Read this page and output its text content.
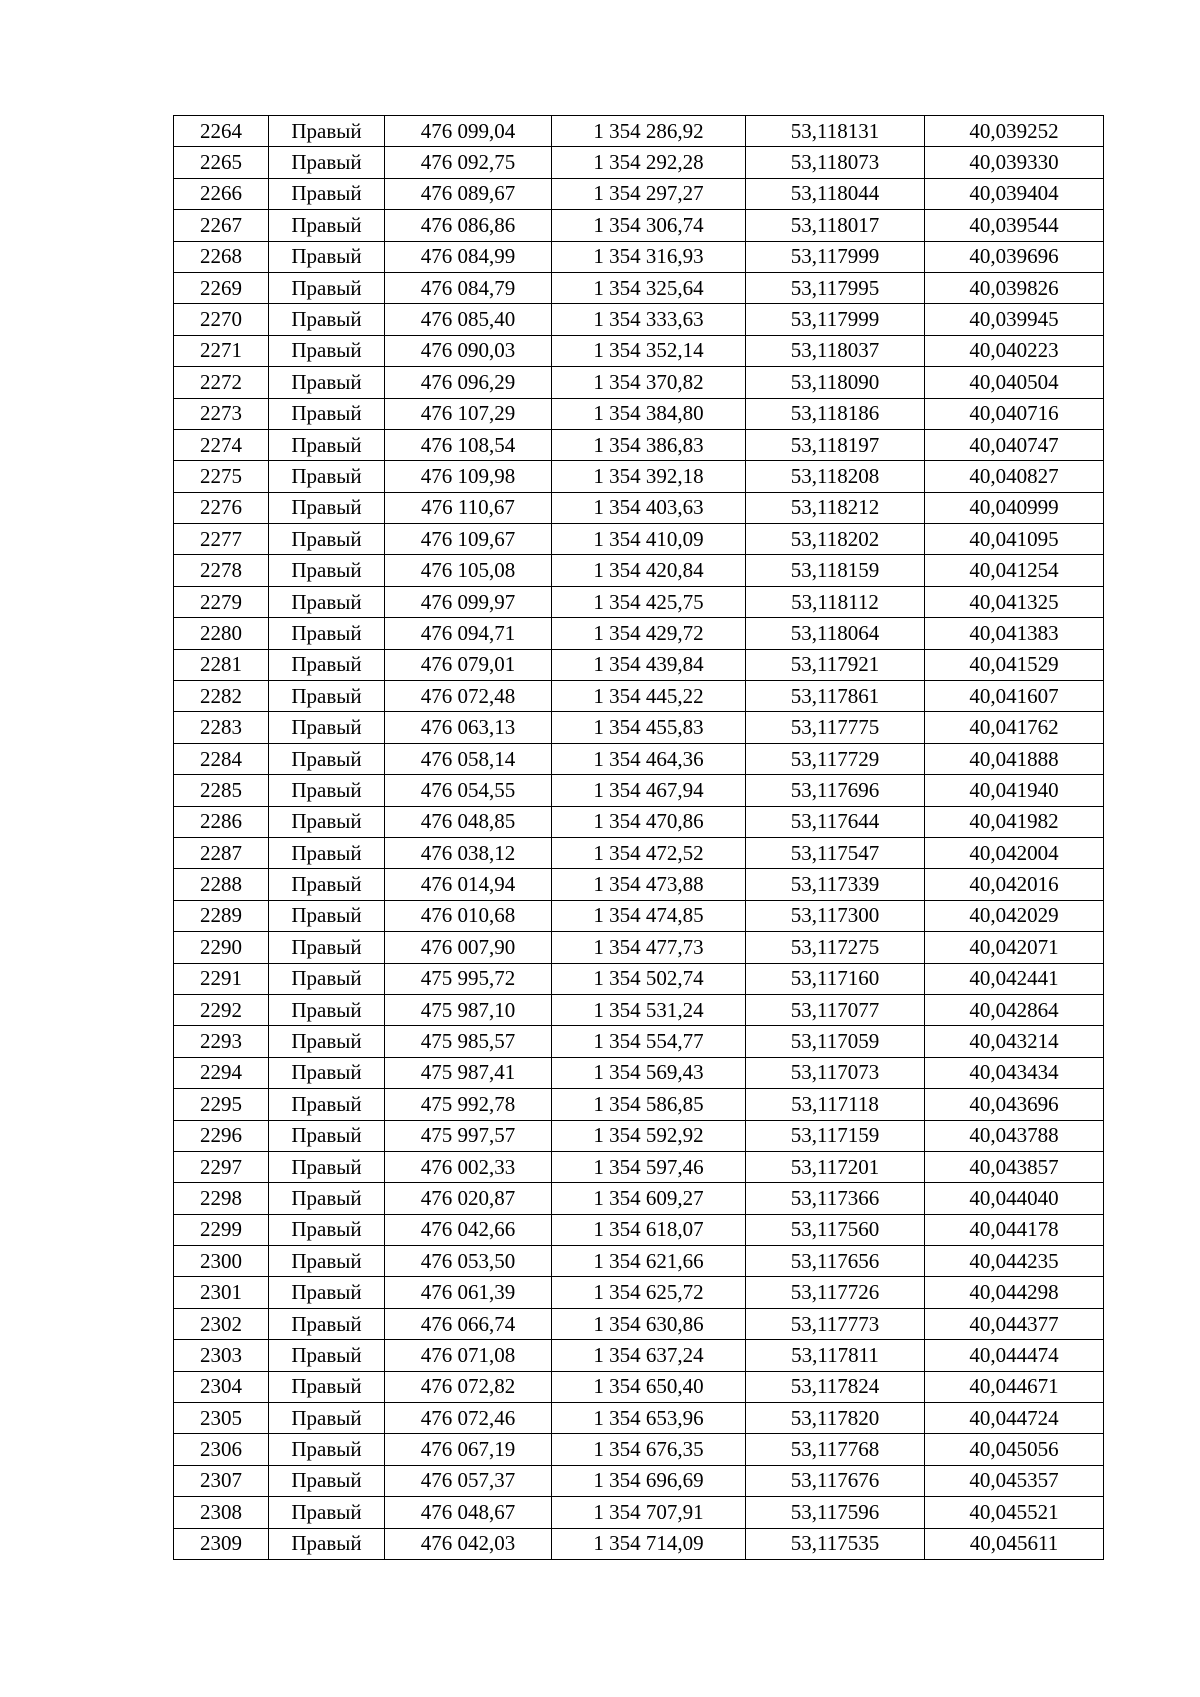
2264	Правый	476 099,04	1 354 286,92	53,118131	40,039252
2265	Правый	476 092,75	1 354 292,28	53,118073	40,039330
2266	Правый	476 089,67	1 354 297,27	53,118044	40,039404
2267	Правый	476 086,86	1 354 306,74	53,118017	40,039544
2268	Правый	476 084,99	1 354 316,93	53,117999	40,039696
2269	Правый	476 084,79	1 354 325,64	53,117995	40,039826
2270	Правый	476 085,40	1 354 333,63	53,117999	40,039945
2271	Правый	476 090,03	1 354 352,14	53,118037	40,040223
2272	Правый	476 096,29	1 354 370,82	53,118090	40,040504
2273	Правый	476 107,29	1 354 384,80	53,118186	40,040716
2274	Правый	476 108,54	1 354 386,83	53,118197	40,040747
2275	Правый	476 109,98	1 354 392,18	53,118208	40,040827
2276	Правый	476 110,67	1 354 403,63	53,118212	40,040999
2277	Правый	476 109,67	1 354 410,09	53,118202	40,041095
2278	Правый	476 105,08	1 354 420,84	53,118159	40,041254
2279	Правый	476 099,97	1 354 425,75	53,118112	40,041325
2280	Правый	476 094,71	1 354 429,72	53,118064	40,041383
2281	Правый	476 079,01	1 354 439,84	53,117921	40,041529
2282	Правый	476 072,48	1 354 445,22	53,117861	40,041607
2283	Правый	476 063,13	1 354 455,83	53,117775	40,041762
2284	Правый	476 058,14	1 354 464,36	53,117729	40,041888
2285	Правый	476 054,55	1 354 467,94	53,117696	40,041940
2286	Правый	476 048,85	1 354 470,86	53,117644	40,041982
2287	Правый	476 038,12	1 354 472,52	53,117547	40,042004
2288	Правый	476 014,94	1 354 473,88	53,117339	40,042016
2289	Правый	476 010,68	1 354 474,85	53,117300	40,042029
2290	Правый	476 007,90	1 354 477,73	53,117275	40,042071
2291	Правый	475 995,72	1 354 502,74	53,117160	40,042441
2292	Правый	475 987,10	1 354 531,24	53,117077	40,042864
2293	Правый	475 985,57	1 354 554,77	53,117059	40,043214
2294	Правый	475 987,41	1 354 569,43	53,117073	40,043434
2295	Правый	475 992,78	1 354 586,85	53,117118	40,043696
2296	Правый	475 997,57	1 354 592,92	53,117159	40,043788
2297	Правый	476 002,33	1 354 597,46	53,117201	40,043857
2298	Правый	476 020,87	1 354 609,27	53,117366	40,044040
2299	Правый	476 042,66	1 354 618,07	53,117560	40,044178
2300	Правый	476 053,50	1 354 621,66	53,117656	40,044235
2301	Правый	476 061,39	1 354 625,72	53,117726	40,044298
2302	Правый	476 066,74	1 354 630,86	53,117773	40,044377
2303	Правый	476 071,08	1 354 637,24	53,117811	40,044474
2304	Правый	476 072,82	1 354 650,40	53,117824	40,044671
2305	Правый	476 072,46	1 354 653,96	53,117820	40,044724
2306	Правый	476 067,19	1 354 676,35	53,117768	40,045056
2307	Правый	476 057,37	1 354 696,69	53,117676	40,045357
2308	Правый	476 048,67	1 354 707,91	53,117596	40,045521
2309	Правый	476 042,03	1 354 714,09	53,117535	40,045611
